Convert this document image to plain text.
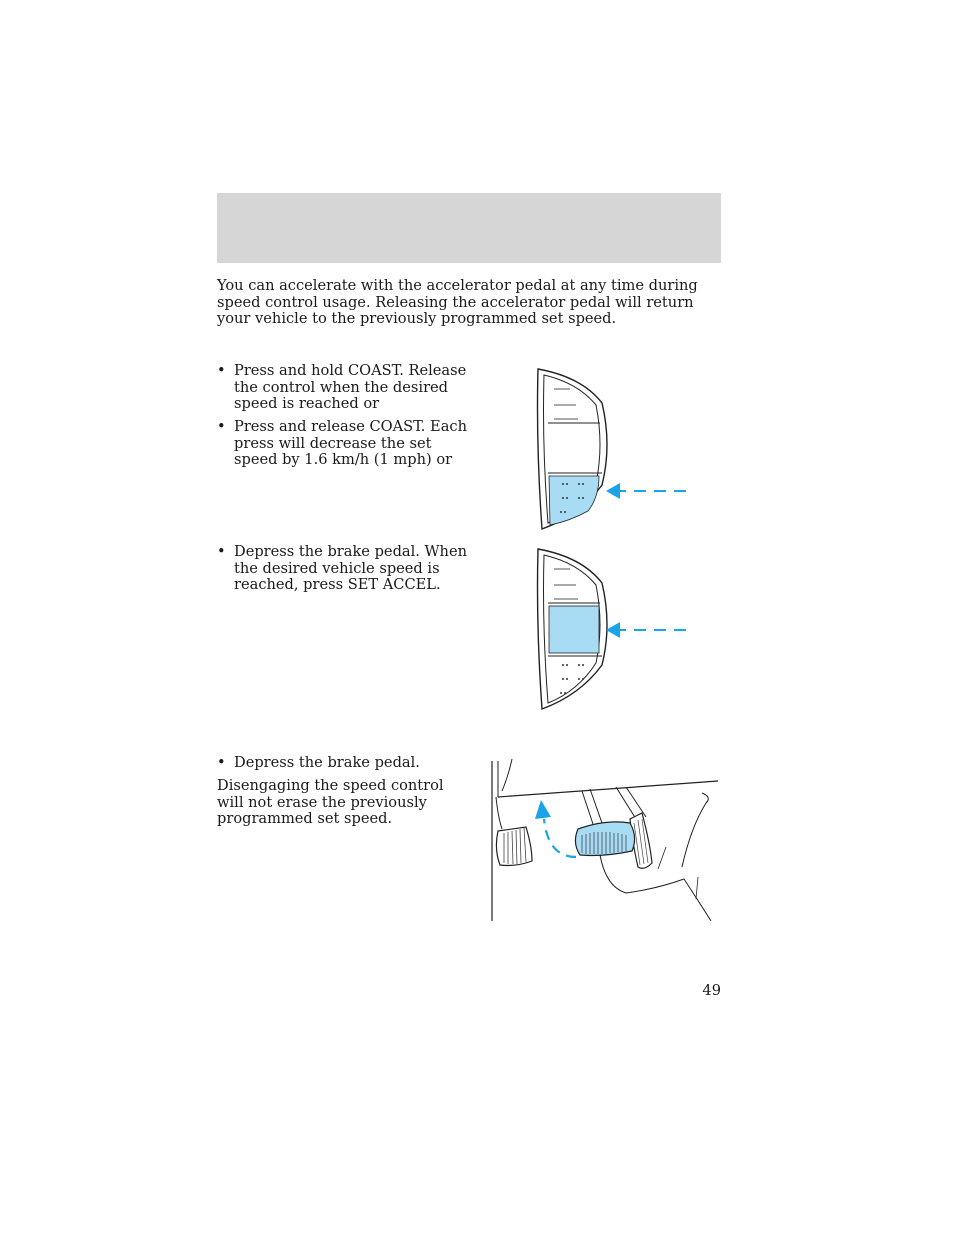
You can accelerate with the accelerator pedal at any time during speed control usage. Releasing the accelerator pedal will return your vehicle to the previously programmed set speed.
• Press and hold COAST. Release the control when the desired speed is reached or
• Press and release COAST. Each press will decrease the set speed by 1.6 km/h (1 mph) or
• Depress the brake pedal. When the desired vehicle speed is reached, press SET ACCEL.
• Depress the brake pedal.
Disengaging the speed control will not erase the previously programmed set speed.
49
